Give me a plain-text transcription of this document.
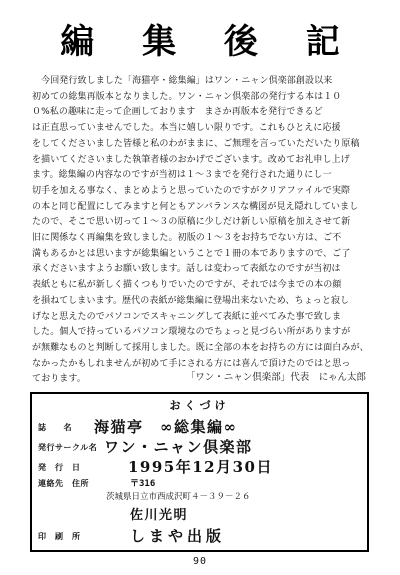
編 集 後 記
　今回発行致しました「海猫亭・総集編」はワン・ニャン倶楽部創設以来
初めての総集再版本となりました。ワン・ニャン倶楽部の発行する本は１０
０%私の趣味に走って企画しております　まさか再版本を発行できるど
は正直思っていませんでした。本当に嬉しい限りです。これもひとえに応援
をしてくださいました皆様と私のわがままに、ご無理を言っていただいたり原稿
を描いてくださいました執筆者様のおかげでございます。改めてお礼申し上げ
ます。総集編の内容なのですが当初は１～３までを発行された通りにし一
切手を加える事なく、まとめようと思っていたのですがクリアファイルで実際
の本と同じ配置にしてみますと何ともアンバランスな構図が見え隠れしていまし
たので、そこで思い切って１～３の原稿に少しだけ新しい原稿を加えさせて新
旧に関係なく再編集を致しました。初版の１～３をお持ちでない方は、ご不
満もあるかとは思いますが総集編ということで１冊の本でありますので、ご了
承くださいますようお願い致します。話しは変わって表紙なのですが当初は
表紙ともに私が新しく描くつもりでいたのですが、それでは今までの本の顔
を損ねてしまいます。歴代の表紙が総集編に登場出来ないため、ちょっと寂し
げなと思えたのでパソコンでスキャニングして表紙に並べてみた事で致しま
した。個人で持っているパソコン環境なのでちょっと見づらい所がありますが
が無難なものと判断して採用しました。既に全部の本をお持ちの方には面白みが、
なかったかもしれませんが初めて手にされる方には喜んで頂けたのではと思っ
ております。	「ワン・ニャン倶楽部」代表　にゃん太郎
おくづけ
誌　　名 海猫亭　∞総集編∞
発行サークル名 ワン・ニャン倶楽部
発　行　日	1995年12月30日
連絡先　住所	〒316
茨城県日立市西成沢町４－３９－２６
佐川光明
印　刷　所	しまや出版
90
